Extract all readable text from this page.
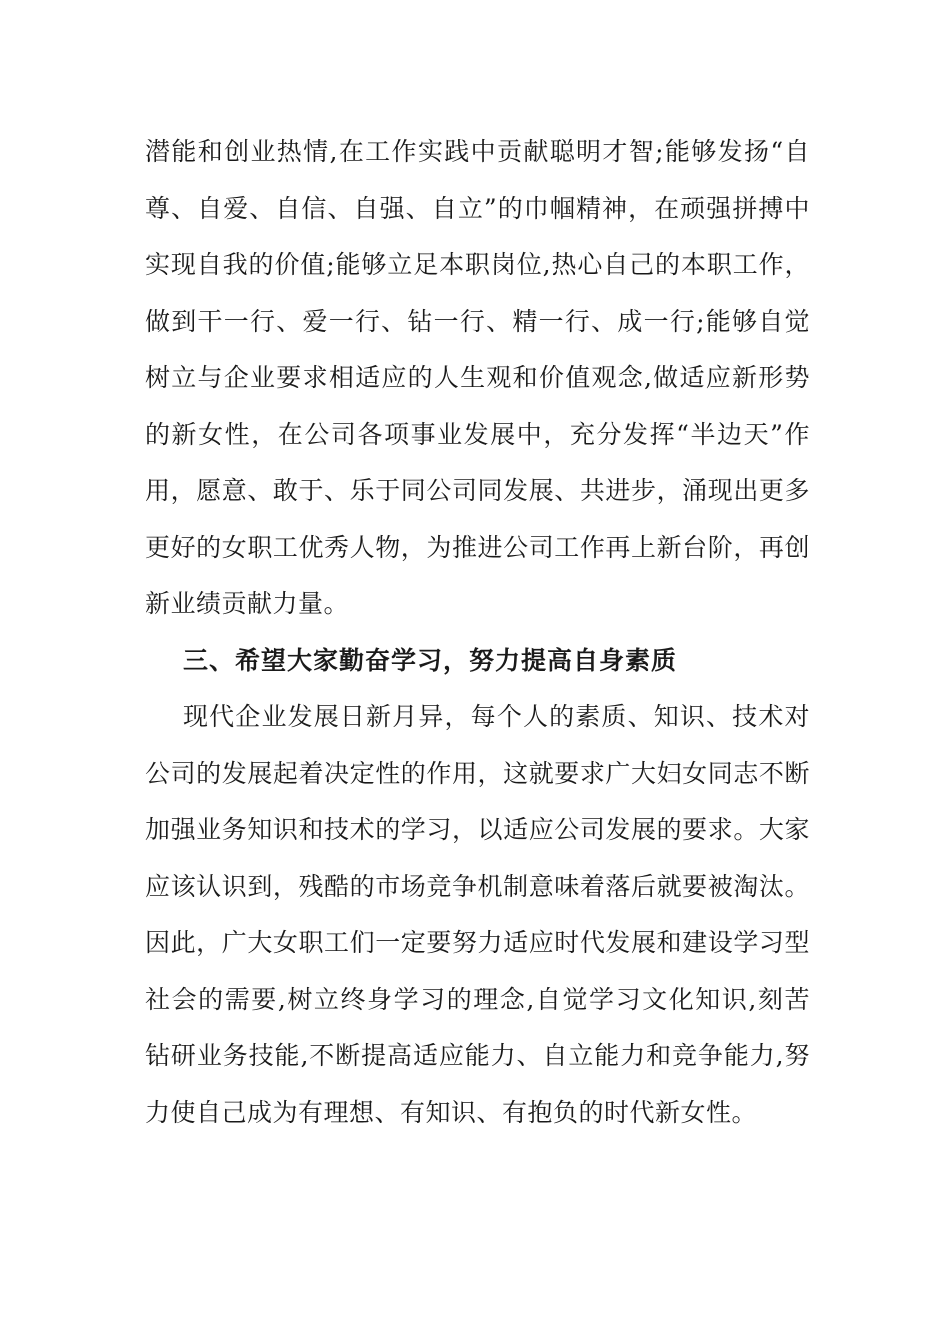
潜能和创业热情,在工作实践中贡献聪明才智;能够发扬“自
尊、自爱、自信、自强、自立”的巾帼精神，在顽强拼搏中
实现自我的价值;能够立足本职岗位,热心自己的本职工作，
做到干一行、爱一行、钻一行、精一行、成一行;能够自觉
树立与企业要求相适应的人生观和价值观念,做适应新形势
的新女性，在公司各项事业发展中，充分发挥“半边天”作
用，愿意、敢于、乐于同公司同发展、共进步，涌现出更多
更好的女职工优秀人物，为推进公司工作再上新台阶，再创
新业绩贡献力量。
三、希望大家勤奋学习，努力提高自身素质
现代企业发展日新月异，每个人的素质、知识、技术对
公司的发展起着决定性的作用，这就要求广大妇女同志不断
加强业务知识和技术的学习，以适应公司发展的要求。大家
应该认识到，残酷的市场竞争机制意味着落后就要被淘汰。
因此，广大女职工们一定要努力适应时代发展和建设学习型
社会的需要,树立终身学习的理念,自觉学习文化知识,刻苦
钻研业务技能,不断提高适应能力、自立能力和竞争能力,努
力使自己成为有理想、有知识、有抱负的时代新女性。
